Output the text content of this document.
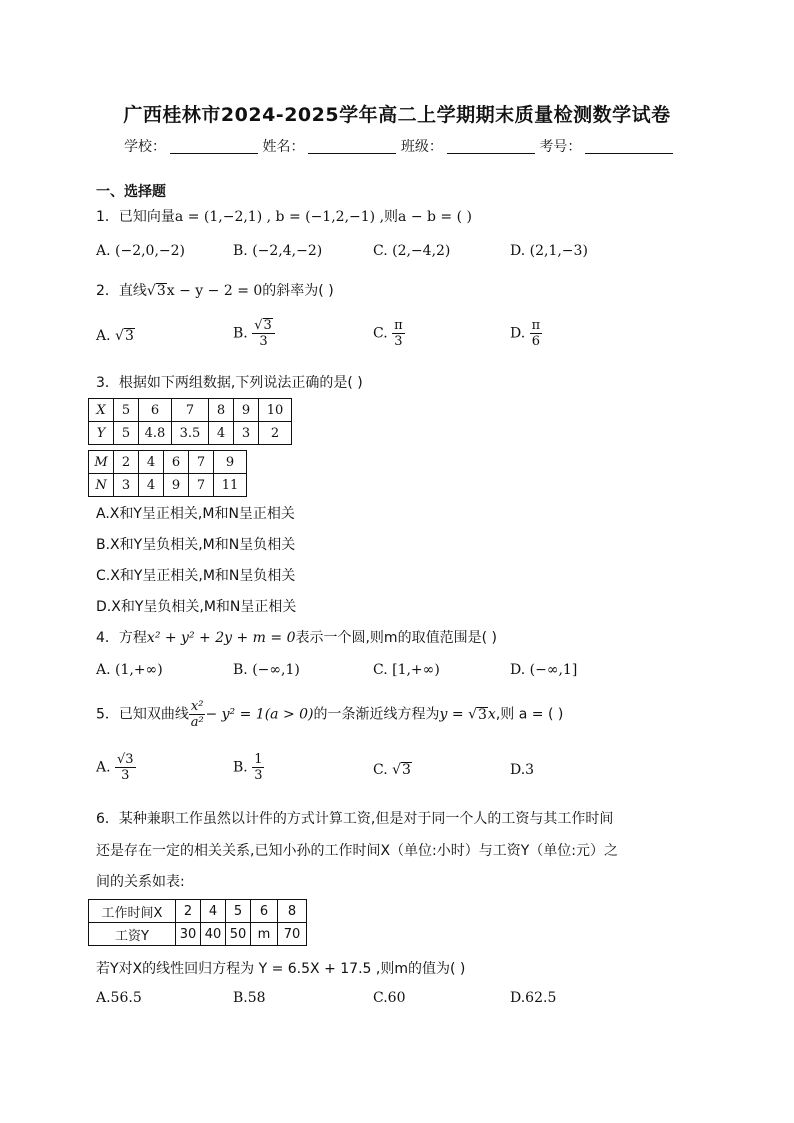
广西桂林市2024-2025学年高二上学期期末质量检测数学试卷
学校：	姓名：	班级：	考号：
一、选择题
1．已知向量a = (1,−2,1) , b = (−1,2,−1) ,则a − b = ( )
A. (−2,0,−2)	B. (−2,4,−2)	C. (2,−4,2)	D. (2,1,−3)
2．直线√3x − y − 2 = 0的斜率为( )
A. √3	B. $\frac{√3}{3}$	C. $\frac{\pi}{3}$	D. $\frac{\pi}{6}$
3．根据如下两组数据,下列说法正确的是( )
X	5	6	7	8	9	10
Y	5	4.8	3.5	4	3	2
M	2	4	6	7	9
N	3	4	9	7	11
A.X和Y呈正相关,M和N呈正相关
B.X和Y呈负相关,M和N呈负相关
C.X和Y呈正相关,M和N呈负相关
D.X和Y呈负相关,M和N呈正相关
4．方程x² + y² + 2y + m = 0表示一个圆,则m的取值范围是( )
A. (1,+∞)	B. (−∞,1)	C. [1,+∞)	D. (−∞,1]
5．已知双曲线 $\frac{\text{x²}}{\text{a²}} - y^2 = 1(a > 0)$的一条渐近线方程为y = √3x,则 a = ( )
A. $\frac{√3}{3}$	B. $\frac{1}{3}$	C. √3	D.3
6．某种兼职工作虽然以计件的方式计算工资,但是对于同一个人的工资与其工作时间
还是存在一定的相关关系,已知小孙的工作时间X（单位:小时）与工资Y（单位:元）之
间的关系如表:
工作时间X	2	4	5	6	8
工资Y	30	40	50	m	70
若Y对X的线性回归方程为 Y = 6.5X + 17.5 ,则m的值为( )
A.56.5	B.58	C.60	D.62.5
